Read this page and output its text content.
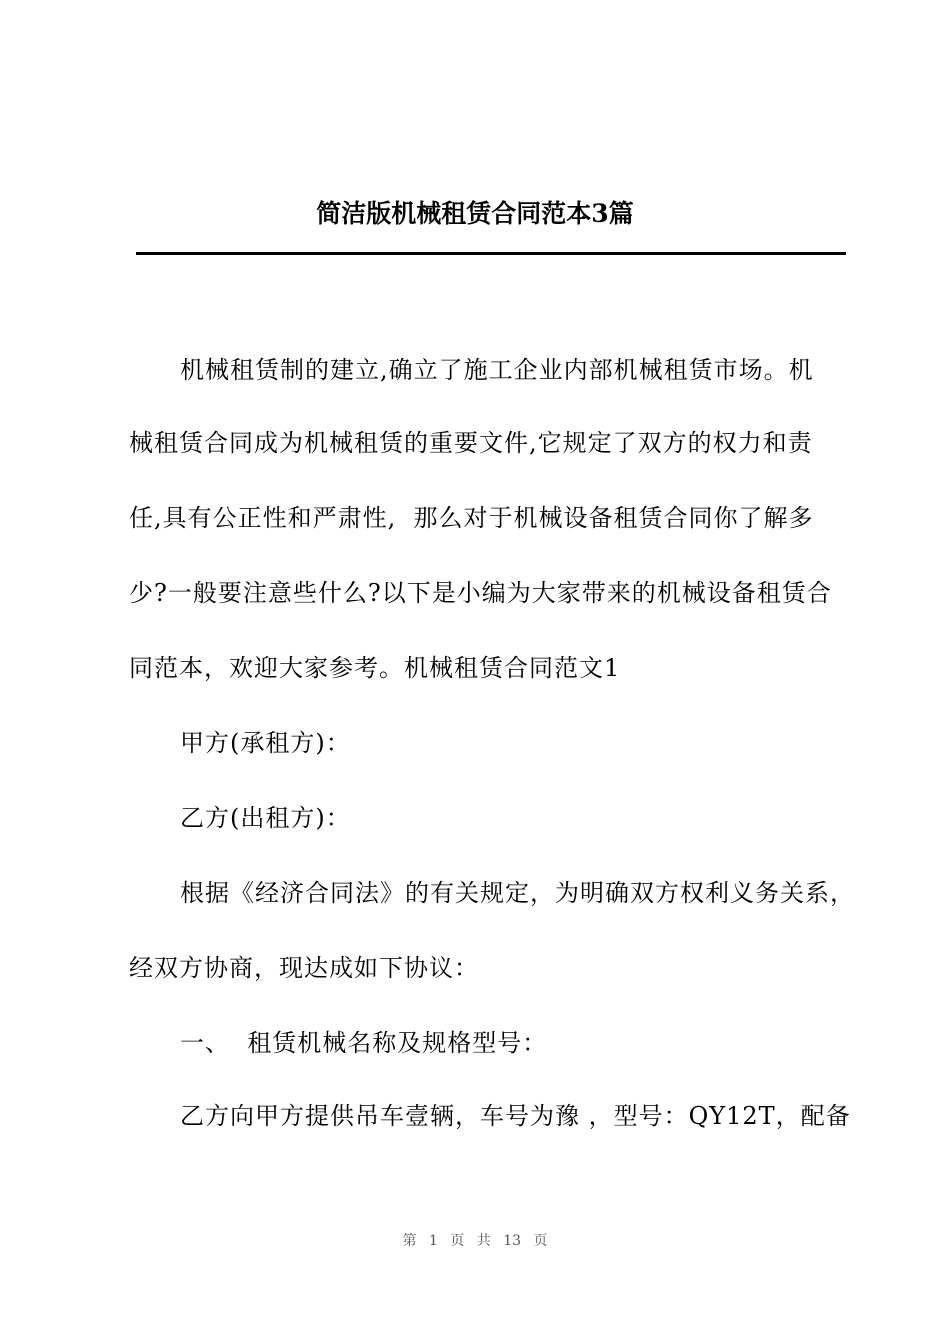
简洁版机械租赁合同范本3篇
机械租赁制的建立,确立了施工企业内部机械租赁市场。机
械租赁合同成为机械租赁的重要文件,它规定了双方的权力和责
任,具有公正性和严肃性,  那么对于机械设备租赁合同你了解多
少?一般要注意些什么?以下是小编为大家带来的机械设备租赁合
同范本，欢迎大家参考。机械租赁合同范文1
甲方(承租方)：
乙方(出租方)：
根据《经济合同法》的有关规定，为明确双方权利义务关系，
经双方协商，现达成如下协议：
一、  租赁机械名称及规格型号：
乙方向甲方提供吊车壹辆，车号为豫 ，型号：QY12T，配备
第 1 页 共 13 页
